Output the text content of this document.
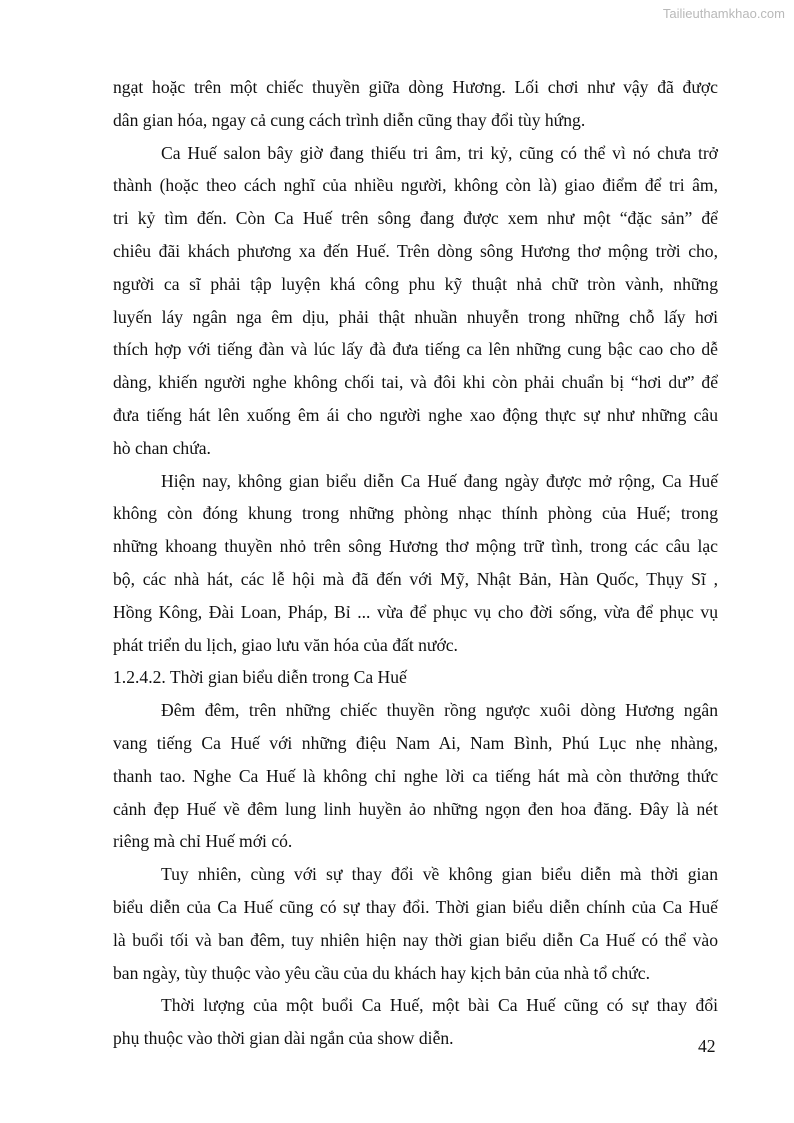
Tailieuthamkhao.com
ngạt hoặc trên một chiếc thuyền giữa dòng Hương. Lối chơi như vậy đã được
dân gian hóa, ngay cả cung cách trình diễn cũng thay đổi tùy hứng.
Ca Huế salon bây giờ đang thiếu tri âm, tri kỷ, cũng có thể vì nó chưa trở
thành (hoặc theo cách nghĩ của nhiều người, không còn là) giao điểm để tri âm,
tri kỷ tìm đến. Còn Ca Huế trên sông đang được xem như một “đặc sản” để
chiêu đãi khách phương xa đến Huế. Trên dòng sông Hương thơ mộng trời cho,
người ca sĩ phải tập luyện khá công phu kỹ thuật nhả chữ tròn vành, những
luyến láy ngân nga êm dịu, phải thật nhuần nhuyễn trong những chỗ lấy hơi
thích hợp với tiếng đàn và lúc lấy đà đưa tiếng ca lên những cung bậc cao cho dễ
dàng, khiến người nghe không chối tai, và đôi khi còn phải chuẩn bị “hơi dư” để
đưa tiếng hát lên xuống êm ái cho người nghe xao động thực sự như những câu
hò chan chứa.
Hiện nay, không gian biểu diễn Ca Huế đang ngày được mở rộng, Ca Huế
không còn đóng khung trong những phòng nhạc thính phòng của Huế; trong
những khoang thuyền nhỏ trên sông Hương thơ mộng trữ tình, trong các câu lạc
bộ, các nhà hát, các lễ hội mà đã đến với Mỹ, Nhật Bản, Hàn Quốc, Thụy Sĩ ,
Hồng Kông, Đài Loan, Pháp, Bỉ ... vừa để phục vụ cho đời sống, vừa để phục vụ
phát triển du lịch, giao lưu văn hóa của đất nước.
1.2.4.2. Thời gian biểu diễn trong Ca Huế
Đêm đêm, trên những chiếc thuyền rồng ngược xuôi dòng Hương ngân
vang tiếng Ca Huế với những điệu Nam Ai, Nam Bình, Phú Lục nhẹ nhàng,
thanh tao. Nghe Ca Huế là không chỉ nghe lời ca tiếng hát mà còn thưởng thức
cảnh đẹp Huế về đêm lung linh huyền ảo những ngọn đen hoa đăng. Đây là nét
riêng mà chỉ Huế mới có.
Tuy nhiên, cùng với sự thay đổi về không gian biểu diễn mà thời gian
biểu diễn của Ca Huế cũng có sự thay đổi. Thời gian biểu diễn chính của Ca Huế
là buổi tối và ban đêm, tuy nhiên hiện nay thời gian biểu diễn Ca Huế có thể vào
ban ngày, tùy thuộc vào yêu cầu của du khách hay kịch bản của nhà tổ chức.
Thời lượng của một buổi Ca Huế, một bài Ca Huế cũng có sự thay đổi
phụ thuộc vào thời gian dài ngắn của show diễn.	42
